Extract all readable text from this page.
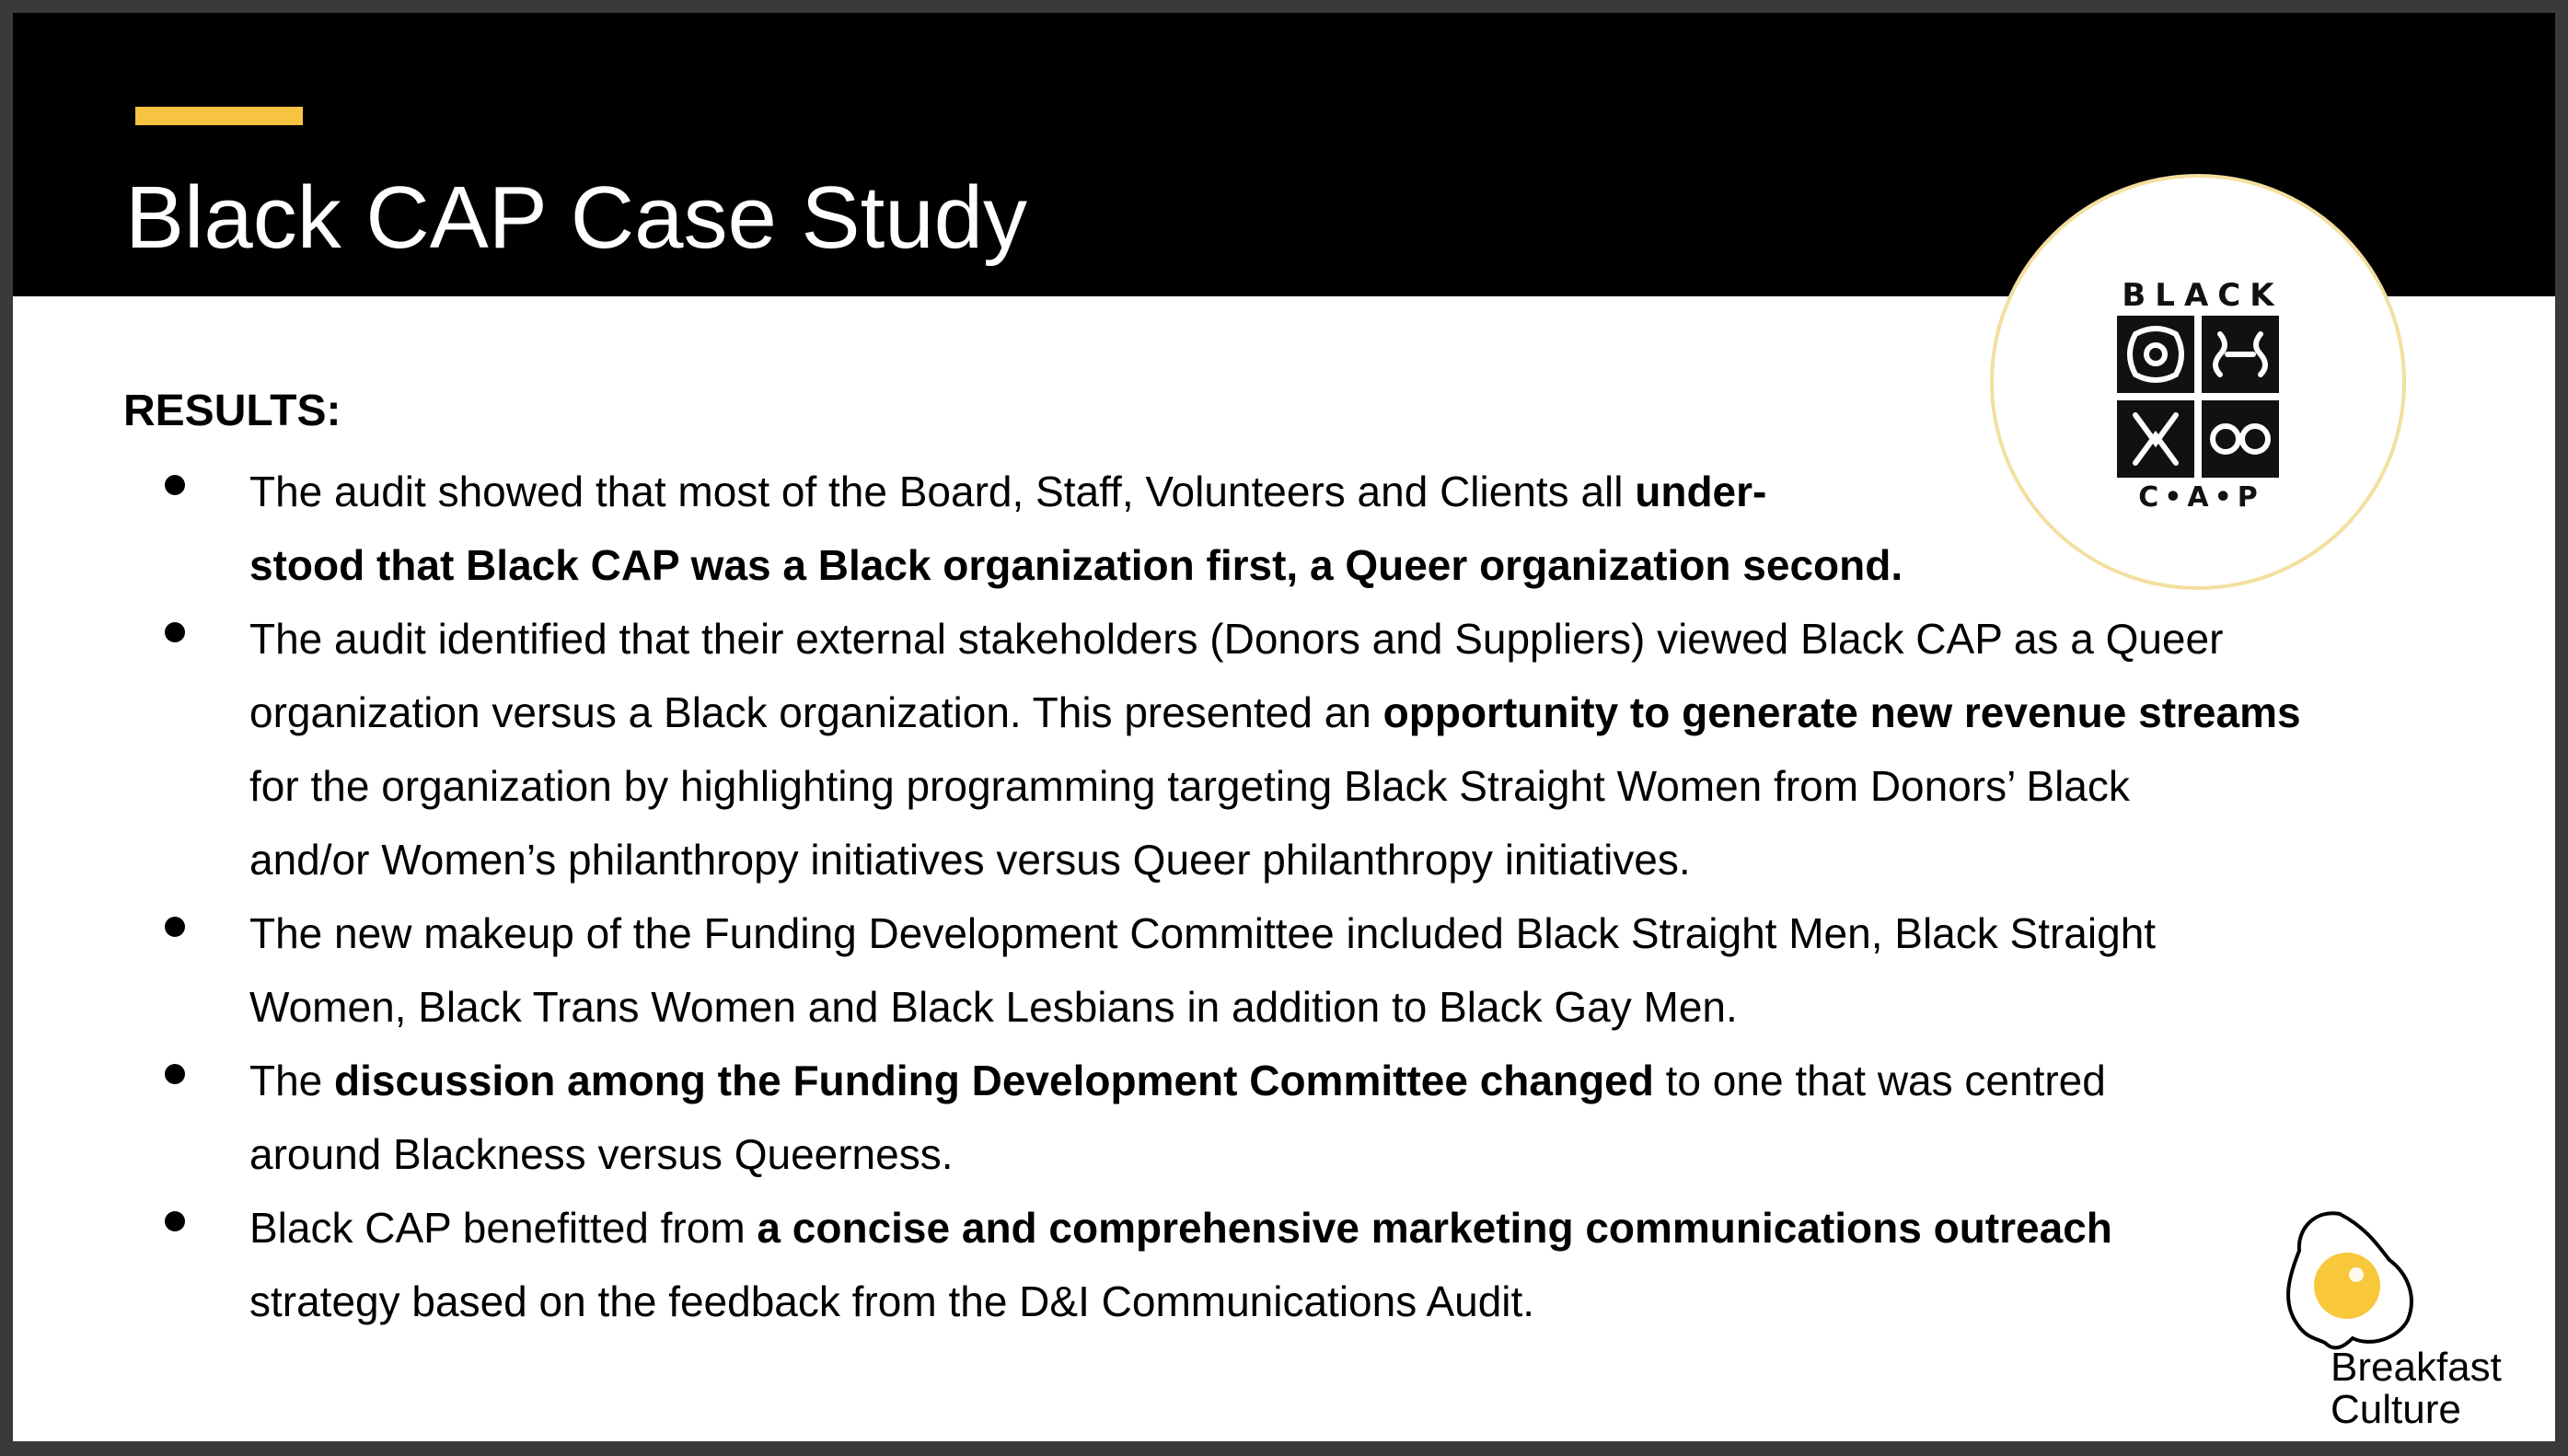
Black CAP Case Study
BLACK
C•A•P

RESULTS:

The audit showed that most of the Board, Staff, Volunteers and Clients all under-

stood that Black CAP was a Black organization first, a Queer organization second.

The audit identified that their external stakeholders (Donors and Suppliers) viewed Black CAP as a Queer

organization versus a Black organization. This presented an opportunity to generate new revenue streams

for the organization by highlighting programming targeting Black Straight Women from Donors’ Black

and/or Women’s philanthropy initiatives versus Queer philanthropy initiatives.

The new makeup of the Funding Development Committee included Black Straight Men, Black Straight

Women, Black Trans Women and Black Lesbians in addition to Black Gay Men.

The discussion among the Funding Development Committee changed to one that was centred

around Blackness versus Queerness.

Black CAP benefitted from a concise and comprehensive marketing communications outreach

strategy based on the feedback from the D&I Communications Audit.

Breakfast
Culture
